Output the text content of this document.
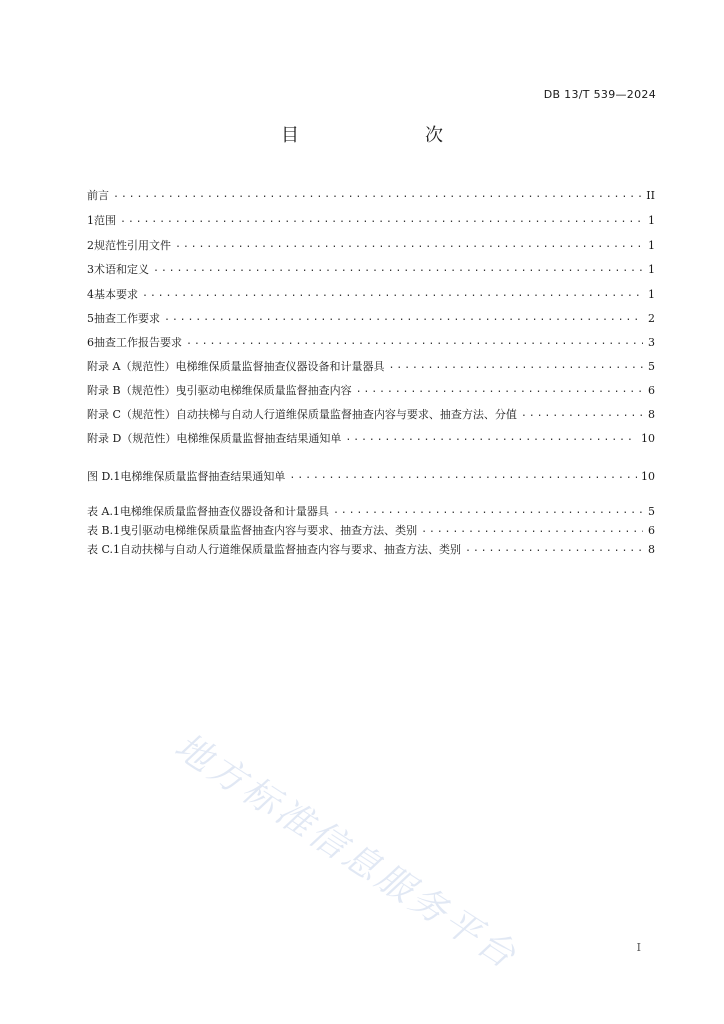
DB 13/T 539—2024
目　　次
前言 .....	II
1 范围 .....	1
2 规范性引用文件 .....	1
3 术语和定义 .....	1
4 基本要求 .....	1
5 抽查工作要求 .....	2
6 抽查工作报告要求 .....	3
附录 A（规范性） 电梯维保质量监督抽查仪器设备和计量器具 .....	5
附录 B（规范性） 曳引驱动电梯维保质量监督抽查内容 .....	6
附录 C（规范性） 自动扶梯与自动人行道维保质量监督抽查内容与要求、抽查方法、分值 .....	8
附录 D（规范性） 电梯维保质量监督抽查结果通知单 .....	10
图 D.1 电梯维保质量监督抽查结果通知单 .....	10
表 A.1 电梯维保质量监督抽查仪器设备和计量器具 .....	5
表 B.1 曳引驱动电梯维保质量监督抽查内容与要求、抽查方法、类别 .....	6
表 C.1 自动扶梯与自动人行道维保质量监督抽查内容与要求、抽查方法、类别 .....	8
地方标准信息服务平台	I
